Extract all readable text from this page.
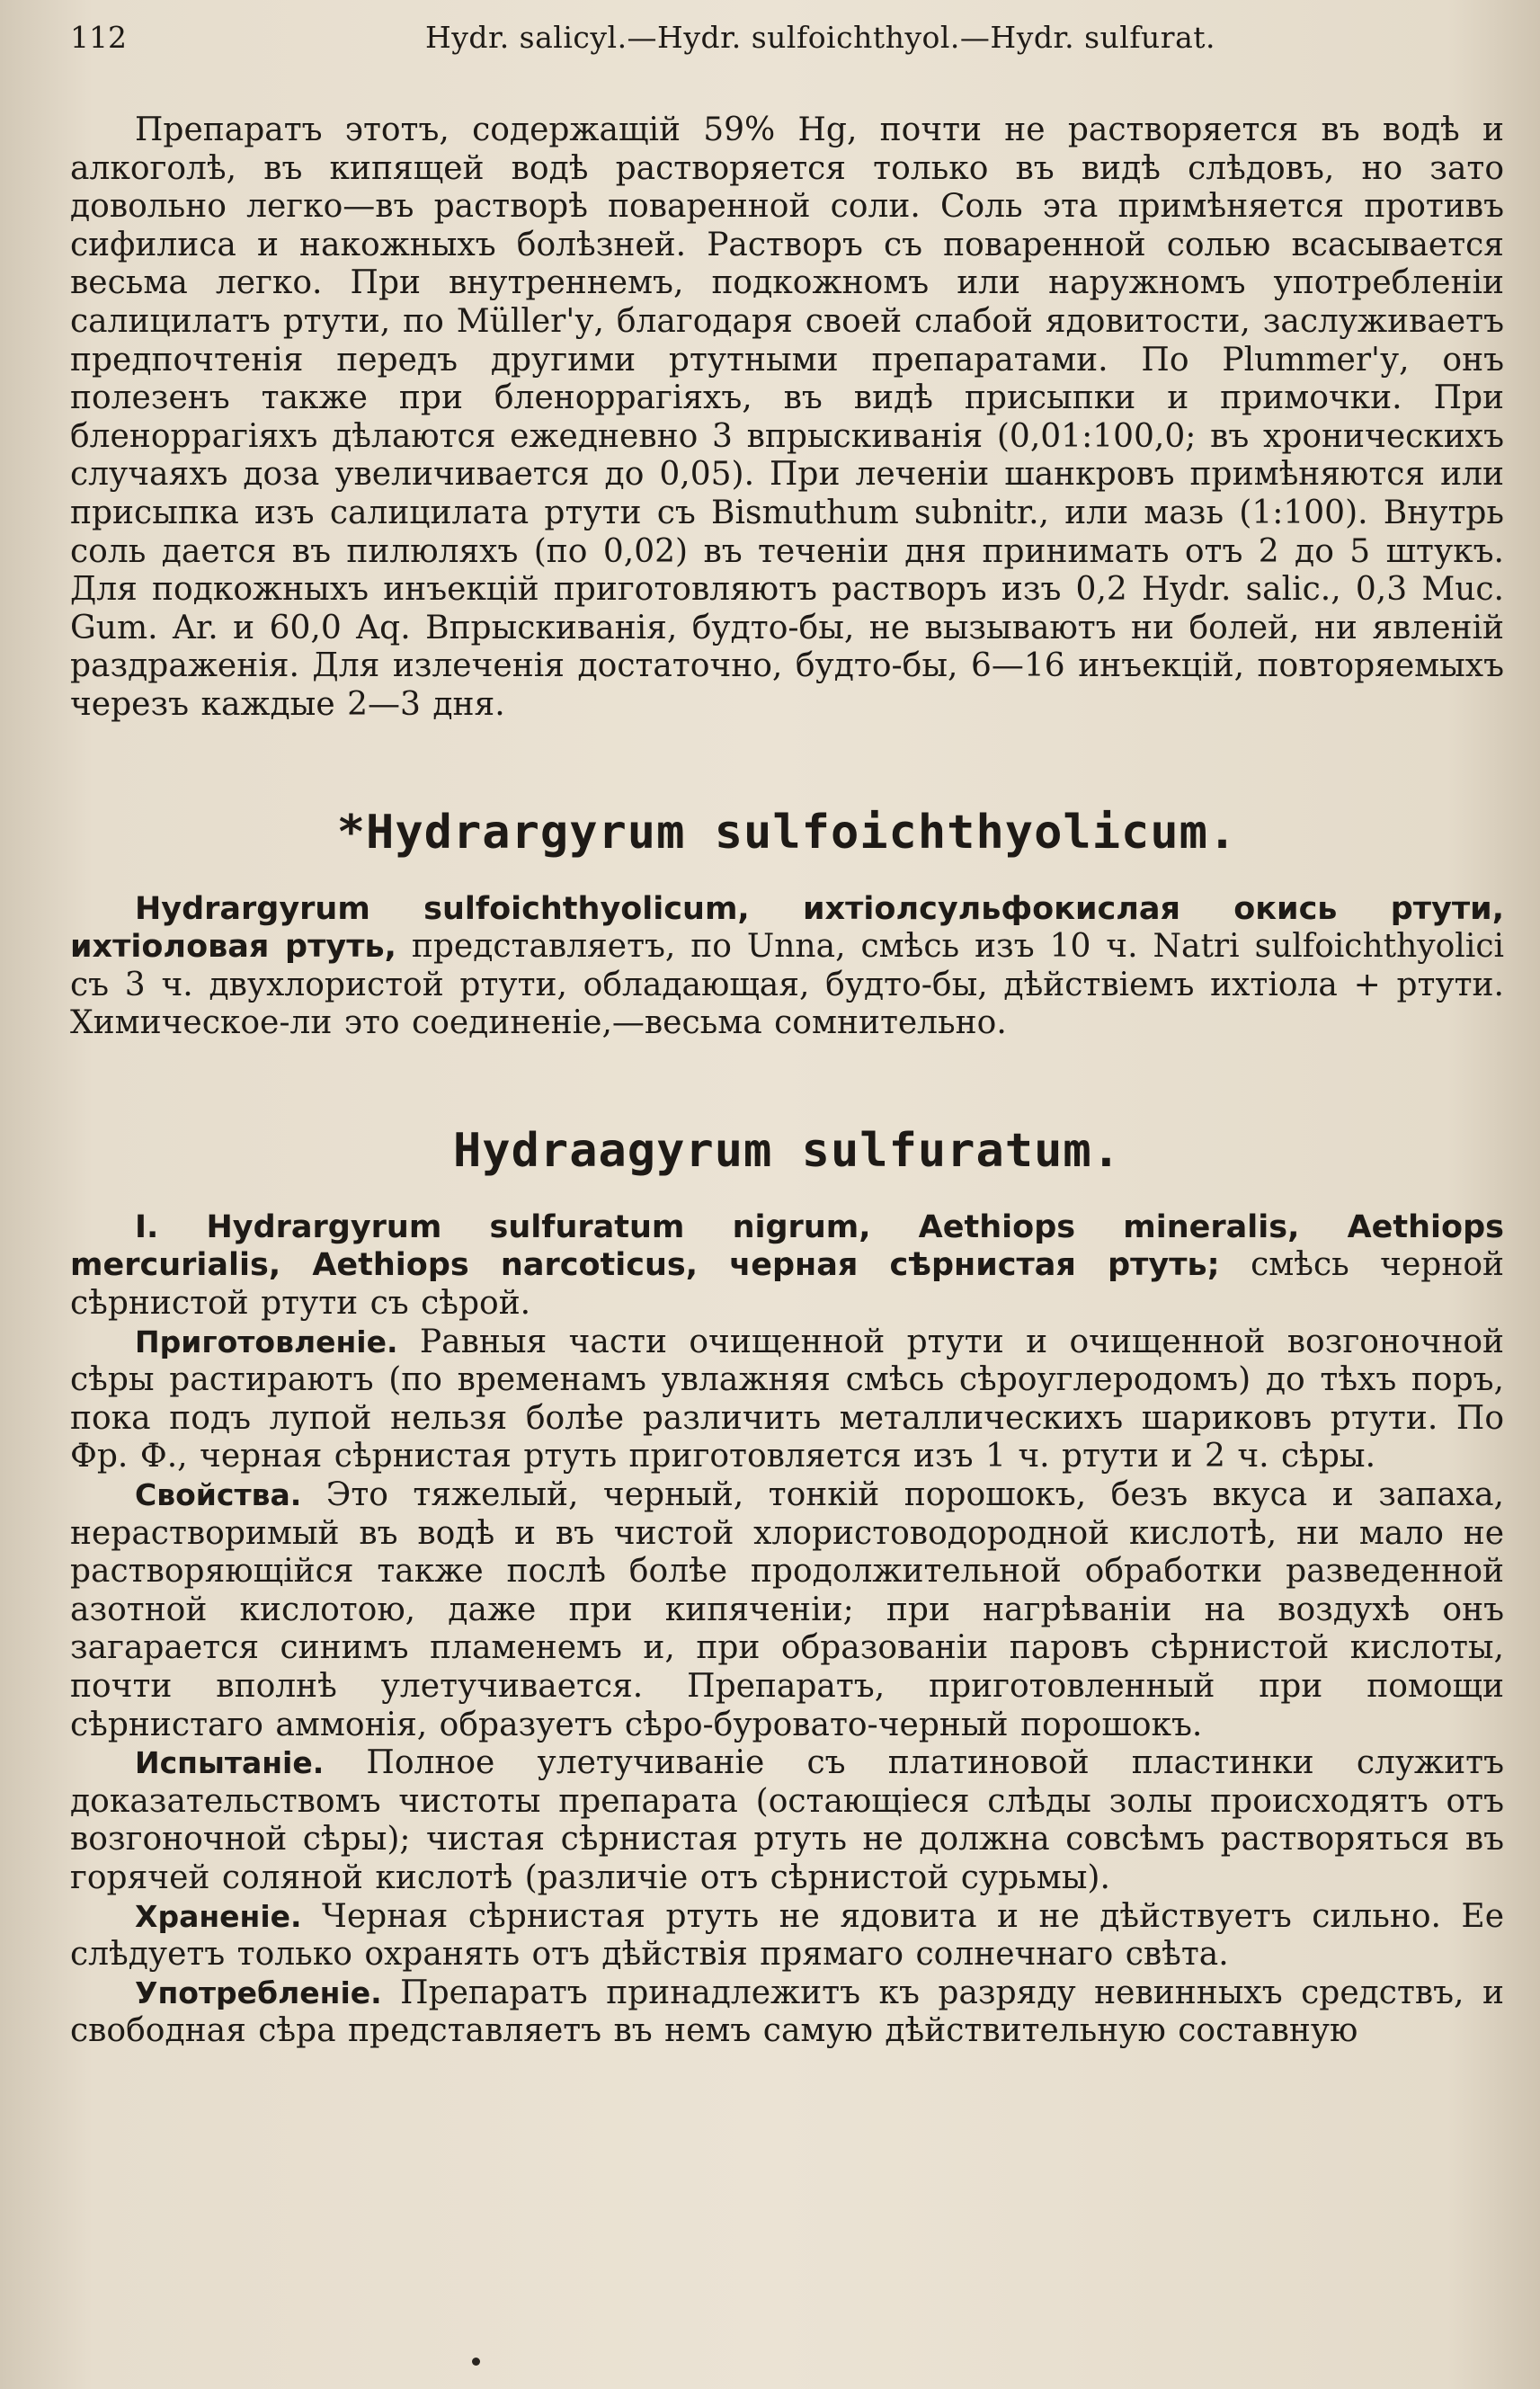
112	Hydr. salicyl.—Hydr. sulfoichthyol.—Hydr. sulfurat.

Препаратъ этотъ, содержащій 59% Hg, почти не растворяется въ водѣ и алкоголѣ, въ кипящей водѣ растворяется только въ видѣ слѣдовъ, но зато довольно легко—въ растворѣ поваренной соли. Соль эта примѣняется противъ сифилиса и накожныхъ болѣзней. Растворъ съ поваренной солью всасывается весьма легко. При внутреннемъ, подкожномъ или наружномъ употребленіи салицилатъ ртути, по Müller'у, благодаря своей слабой ядовитости, заслуживаетъ предпочтенія передъ другими ртутными препаратами. По Plummer'у, онъ полезенъ также при бленоррагіяхъ, въ видѣ присыпки и примочки. При бленоррагіяхъ дѣлаются ежедневно 3 впрыскиванія (0,01:100,0; въ хроническихъ случаяхъ доза увеличивается до 0,05). При леченіи шанкровъ примѣняются или присыпка изъ салицилата ртути съ Bismuthum subnitr., или мазь (1:100). Внутрь соль дается въ пилюляхъ (по 0,02) въ теченіи дня принимать отъ 2 до 5 штукъ. Для подкожныхъ инъекцій приготовляютъ растворъ изъ 0,2 Hydr. salic., 0,3 Muc. Gum. Ar. и 60,0 Aq. Впрыскиванія, будто-бы, не вызываютъ ни болей, ни явленій раздраженія. Для излеченія достаточно, будто-бы, 6—16 инъекцій, повторяемыхъ черезъ каждые 2—3 дня.

*Hydrargyrum sulfoichthyolicum.

Hydrargyrum sulfoichthyolicum, ихтіолсульфокислая окись ртути, ихтіоловая ртуть, представляетъ, по Unna, смѣсь изъ 10 ч. Natri sulfoichthyolici съ 3 ч. двухлористой ртути, обладающая, будто-бы, дѣйствіемъ ихтіола + ртути. Химическое-ли это соединеніе,—весьма сомнительно.

Hydraagyrum sulfuratum.

I. Hydrargyrum sulfuratum nigrum, Aethiops mineralis, Aethiops mercurialis, Aethiops narcoticus, черная сѣрнистая ртуть; смѣсь черной сѣрнистой ртути съ сѣрой.

Приготовленіе. Равныя части очищенной ртути и очищенной возгоночной сѣры растираютъ (по временамъ увлажняя смѣсь сѣроуглеродомъ) до тѣхъ поръ, пока подъ лупой нельзя болѣе различить металлическихъ шариковъ ртути. По Фр. Ф., черная сѣрнистая ртуть приготовляется изъ 1 ч. ртути и 2 ч. сѣры.

Свойства. Это тяжелый, черный, тонкій порошокъ, безъ вкуса и запаха, нерастворимый въ водѣ и въ чистой хлористоводородной кислотѣ, ни мало не растворяющійся также послѣ болѣе продолжительной обработки разведенной азотной кислотою, даже при кипяченіи; при нагрѣваніи на воздухѣ онъ загарается синимъ пламенемъ и, при образованіи паровъ сѣрнистой кислоты, почти вполнѣ улетучивается. Препаратъ, приготовленный при помощи сѣрнистаго аммонія, образуетъ сѣро-буровато-черный порошокъ.

Испытаніе. Полное улетучиваніе съ платиновой пластинки служитъ доказательствомъ чистоты препарата (остающіеся слѣды золы происходятъ отъ возгоночной сѣры); чистая сѣрнистая ртуть не должна совсѣмъ растворяться въ горячей соляной кислотѣ (различіе отъ сѣрнистой сурьмы).

Храненіе. Черная сѣрнистая ртуть не ядовита и не дѣйствуетъ сильно. Ее слѣдуетъ только охранять отъ дѣйствія прямаго солнечнаго свѣта.

Употребленіе. Препаратъ принадлежитъ къ разряду невинныхъ средствъ, и свободная сѣра представляетъ въ немъ самую дѣйствительную составную
